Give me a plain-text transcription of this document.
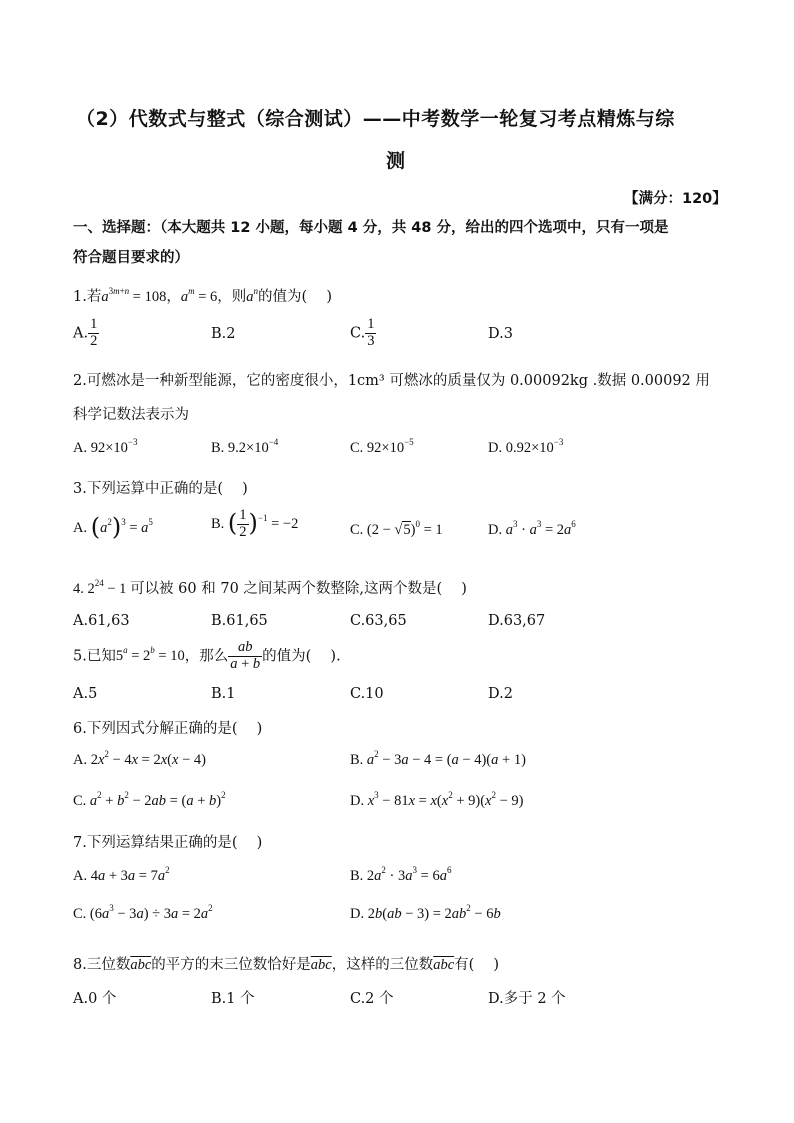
（2）代数式与整式（综合测试）——中考数学一轮复习考点精炼与综
测
【满分：120】
一、选择题：（本大题共 12 小题，每小题 4 分，共 48 分，给出的四个选项中，只有一项是
符合题目要求的）
1.若$a^{3m+n} = 108$，$a^m = 6$，则$a^n$的值为(　 )
A. $\frac{1}{2}$	B.2	C. $\frac{1}{3}$	D.3
2.可燃冰是一种新型能源，它的密度很小，1cm³ 可燃冰的质量仅为 0.00092kg .数据 0.00092 用
科学记数法表示为
A. $92\times 10^{-3}$	B. $9.2\times 10^{-4}$	C. $92\times 10^{-5}$	D. $0.92\times 10^{-3}$
3.下列运算中正确的是(　 )
A. $(a^2)^3 = a^5$	B. ( $\frac{1}{2} )^{-1} = -2$	C. $(2 - √5)^0 = 1$	D. $a^3 \cdot a^3 = 2a^6$
4. $2^{24} - 1$ 可以被 60 和 70 之间某两个数整除,这两个数是(　 )
A.61,63	B.61,65	C.63,65	D.63,67
5.已知$5^a = 2^b = 10$，那么 $\frac{ab}{a + b}$ 的值为(　 ).
A.5	B.1	C.10	D.2
6.下列因式分解正确的是(　 )
A. $2x^2 - 4x = 2x(x - 4)$	B. $a^2 - 3a - 4 = (a - 4)(a + 1)$
C. $a^2 + b^2 - 2ab = (a + b)^2$	D. $x^3 - 81x = x(x^2 + 9)(x^2 - 9)$
7.下列运算结果正确的是(　 )
A. $4a + 3a = 7a^2$	B. $2a^2 \cdot 3a^3 = 6a^6$
C. $(6a^3 - 3a) \div 3a = 2a^2$	D. $2b(ab - 3) = 2ab^2 - 6b$
8.三位数$\overline{abc}$的平方的末三位数恰好是$\overline{abc}$，这样的三位数$\overline{abc}$有(　 )
A.0 个	B.1 个	C.2 个	D.多于 2 个
